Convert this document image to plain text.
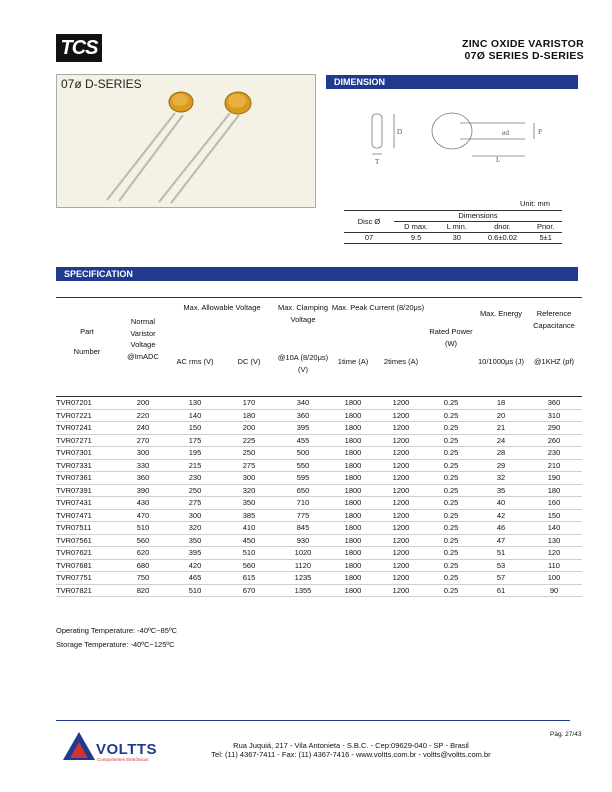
TCS	ZINC OXIDE VARISTOR
07Ø SERIES D-SERIES
07ø D-SERIES	DIMENSION
D
T
ød	P
L
Unit: mm
Disc Ø	Dimensions			
	D max.	L min.	dnor.	Pnor.
07	9.5	30	0.6±0.02	5±1
SPECIFICATION
Part
Number	Normal Varistor Voltage @ImADC	Max. Allowable Voltage		Max. Clamping Voltage	Max. Peak Current (8/20μs)		Rated Power (W)	Max. Energy	Reference Capacitance
		AC rms (V)	DC (V)	@10A (8/20μs) (V)	1time (A)	2times (A)		10/1000μs (J)	@1KHZ (pf)
TVR07201	200	130	170	340	1800	1200	0.25	18	360
TVR07221	220	140	180	360	1800	1200	0.25	20	310
TVR07241	240	150	200	395	1800	1200	0.25	21	290
TVR07271	270	175	225	455	1800	1200	0.25	24	260
TVR07301	300	195	250	500	1800	1200	0.25	28	230
TVR07331	330	215	275	550	1800	1200	0.25	29	210
TVR07361	360	230	300	595	1800	1200	0.25	32	190
TVR07391	390	250	320	650	1800	1200	0.25	35	180
TVR07431	430	275	350	710	1800	1200	0.25	40	160
TVR07471	470	300	385	775	1800	1200	0.25	42	150
TVR07511	510	320	410	845	1800	1200	0.25	46	140
TVR07561	560	350	450	930	1800	1200	0.25	47	130
TVR07621	620	395	510	1020	1800	1200	0.25	51	120
TVR07681	680	420	560	1120	1800	1200	0.25	53	110
TVR07751	750	465	615	1235	1800	1200	0.25	57	100
TVR07821	820	510	670	1355	1800	1200	0.25	61	90
Operating Temperature: -40ºC~85ºC
Storage Temperature: -40ºC~125ºC
Pág. 27/43
VOLTTS
Componentes Eletrônicos
Rua Juquiá, 217 - Vila Antonieta - S.B.C. - Cep:09629-040 - SP - Brasil
Tel: (11) 4367-7411 - Fax: (11) 4367-7416 - www.voltts.com.br - voltts@voltts.com.br
